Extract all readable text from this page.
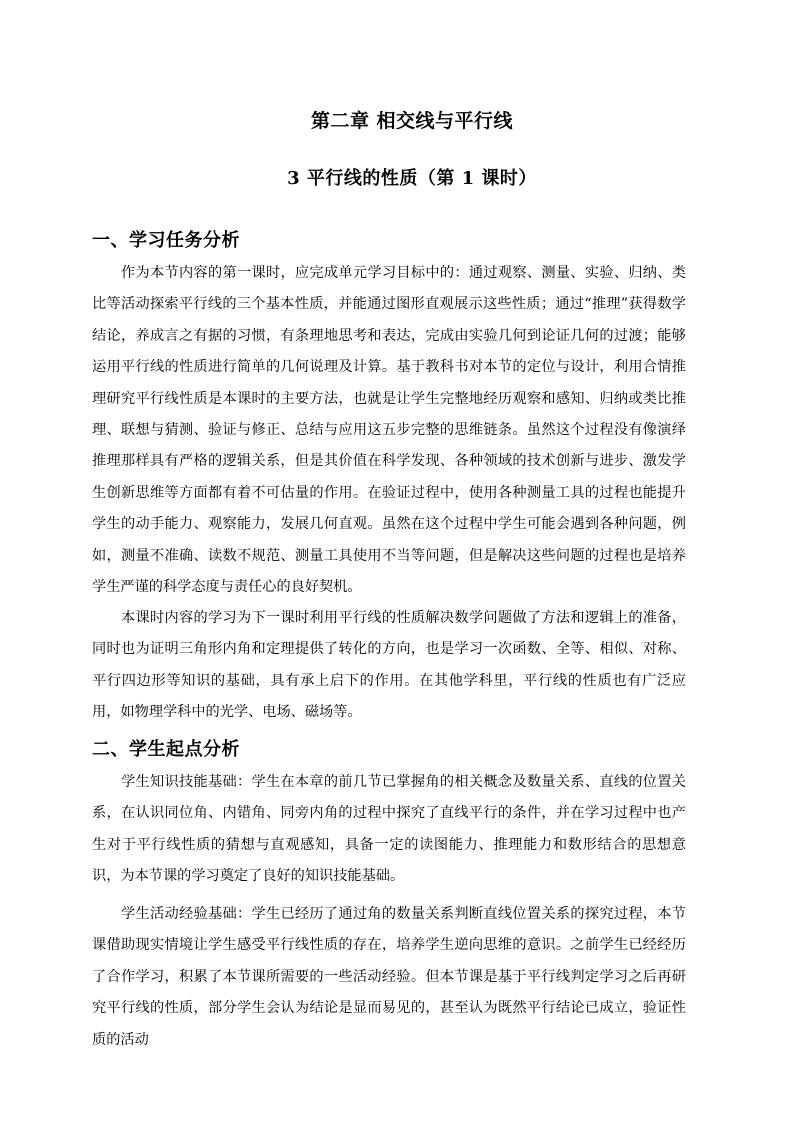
第二章 相交线与平行线
3 平行线的性质（第 1 课时）
一、学习任务分析

作为本节内容的第一课时，应完成单元学习目标中的：通过观察、测量、实验、归纳、类比等活动探索平行线的三个基本性质，并能通过图形直观展示这些性质；通过“推理”获得数学结论，养成言之有据的习惯，有条理地思考和表达，完成由实验几何到论证几何的过渡；能够运用平行线的性质进行简单的几何说理及计算。基于教科书对本节的定位与设计，利用合情推理研究平行线性质是本课时的主要方法，也就是让学生完整地经历观察和感知、归纳或类比推理、联想与猜测、验证与修正、总结与应用这五步完整的思维链条。虽然这个过程没有像演绎推理那样具有严格的逻辑关系，但是其价值在科学发现、各种领域的技术创新与进步、激发学生创新思维等方面都有着不可估量的作用。在验证过程中，使用各种测量工具的过程也能提升学生的动手能力、观察能力，发展几何直观。虽然在这个过程中学生可能会遇到各种问题，例如，测量不准确、读数不规范、测量工具使用不当等问题，但是解决这些问题的过程也是培养学生严谨的科学态度与责任心的良好契机。

本课时内容的学习为下一课时利用平行线的性质解决数学问题做了方法和逻辑上的准备，同时也为证明三角形内角和定理提供了转化的方向，也是学习一次函数、全等、相似、对称、平行四边形等知识的基础，具有承上启下的作用。在其他学科里，平行线的性质也有广泛应用，如物理学科中的光学、电场、磁场等。

二、学生起点分析

学生知识技能基础：学生在本章的前几节已掌握角的相关概念及数量关系、直线的位置关系，在认识同位角、内错角、同旁内角的过程中探究了直线平行的条件，并在学习过程中也产生对于平行线性质的猜想与直观感知，具备一定的读图能力、推理能力和数形结合的思想意识，为本节课的学习奠定了良好的知识技能基础。

学生活动经验基础：学生已经历了通过角的数量关系判断直线位置关系的探究过程，本节课借助现实情境让学生感受平行线性质的存在，培养学生逆向思维的意识。之前学生已经经历了合作学习，积累了本节课所需要的一些活动经验。但本节课是基于平行线判定学习之后再研究平行线的性质，部分学生会认为结论是显而易见的，甚至认为既然平行结论已成立，验证性质的活动
